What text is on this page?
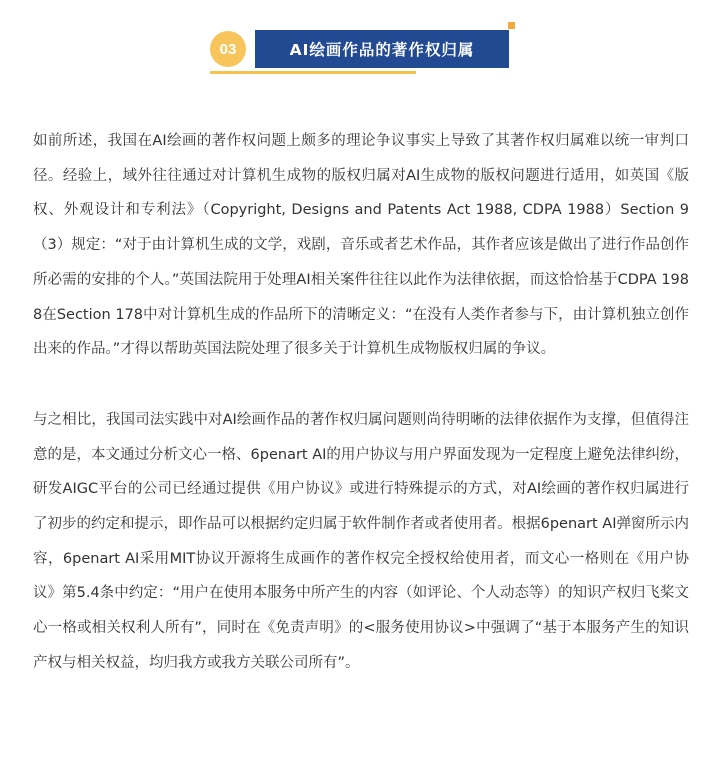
03	AI绘画作品的著作权归属

如前所述，我国在AI绘画的著作权问题上颇多的理论争议事实上导致了其著作权归属难以统一审判口径。经验上，域外往往通过对计算机生成物的版权归属对AI生成物的版权问题进行适用，如英国《版权、外观设计和专利法》（Copyright, Designs and Patents Act 1988, CDPA 1988）Section 9（3）规定：“对于由计算机生成的文学，戏剧，音乐或者艺术作品，其作者应该是做出了进行作品创作所必需的安排的个人。”英国法院用于处理AI相关案件往往以此作为法律依据，而这恰恰基于CDPA 1988在Section 178中对计算机生成的作品所下的清晰定义：“在没有人类作者参与下，由计算机独立创作出来的作品。”才得以帮助英国法院处理了很多关于计算机生成物版权归属的争议。

与之相比，我国司法实践中对AI绘画作品的著作权归属问题则尚待明晰的法律依据作为支撑，但值得注意的是，本文通过分析文心一格、6penart AI的用户协议与用户界面发现为一定程度上避免法律纠纷，研发AIGC平台的公司已经通过提供《用户协议》或进行特殊提示的方式，对AI绘画的著作权归属进行了初步的约定和提示，即作品可以根据约定归属于软件制作者或者使用者。根据6penart AI弹窗所示内容，6penart AI采用MIT协议开源将生成画作的著作权完全授权给使用者，而文心一格则在《用户协议》第5.4条中约定：“用户在使用本服务中所产生的内容（如评论、个人动态等）的知识产权归飞桨文心一格或相关权利人所有”，同时在《免责声明》的<服务使用协议>中强调了“基于本服务产生的知识产权与相关权益，均归我方或我方关联公司所有”。
